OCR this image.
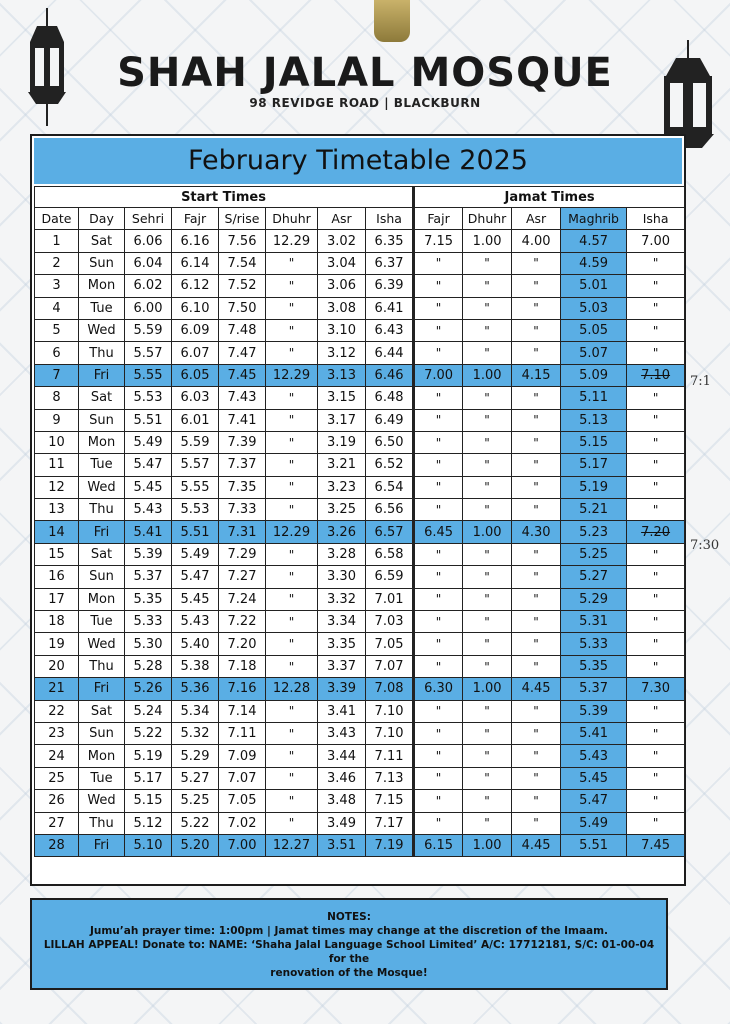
SHAH JALAL MOSQUE
98 REVIDGE ROAD | BLACKBURN
February Timetable 2025
Start Times								Jamat Times				
Date	Day	Sehri	Fajr	S/rise	Dhuhr	Asr	Isha	Fajr	Dhuhr	Asr	Maghrib	Isha
1	Sat	6.06	6.16	7.56	12.29	3.02	6.35	7.15	1.00	4.00	4.57	7.00
2	Sun	6.04	6.14	7.54	"	3.04	6.37	"	"	"	4.59	"
3	Mon	6.02	6.12	7.52	"	3.06	6.39	"	"	"	5.01	"
4	Tue	6.00	6.10	7.50	"	3.08	6.41	"	"	"	5.03	"
5	Wed	5.59	6.09	7.48	"	3.10	6.43	"	"	"	5.05	"
6	Thu	5.57	6.07	7.47	"	3.12	6.44	"	"	"	5.07	"
7	Fri	5.55	6.05	7.45	12.29	3.13	6.46	7.00	1.00	4.15	5.09	7.10
8	Sat	5.53	6.03	7.43	"	3.15	6.48	"	"	"	5.11	"
9	Sun	5.51	6.01	7.41	"	3.17	6.49	"	"	"	5.13	"
10	Mon	5.49	5.59	7.39	"	3.19	6.50	"	"	"	5.15	"
11	Tue	5.47	5.57	7.37	"	3.21	6.52	"	"	"	5.17	"
12	Wed	5.45	5.55	7.35	"	3.23	6.54	"	"	"	5.19	"
13	Thu	5.43	5.53	7.33	"	3.25	6.56	"	"	"	5.21	"
14	Fri	5.41	5.51	7.31	12.29	3.26	6.57	6.45	1.00	4.30	5.23	7.20
15	Sat	5.39	5.49	7.29	"	3.28	6.58	"	"	"	5.25	"
16	Sun	5.37	5.47	7.27	"	3.30	6.59	"	"	"	5.27	"
17	Mon	5.35	5.45	7.24	"	3.32	7.01	"	"	"	5.29	"
18	Tue	5.33	5.43	7.22	"	3.34	7.03	"	"	"	5.31	"
19	Wed	5.30	5.40	7.20	"	3.35	7.05	"	"	"	5.33	"
20	Thu	5.28	5.38	7.18	"	3.37	7.07	"	"	"	5.35	"
21	Fri	5.26	5.36	7.16	12.28	3.39	7.08	6.30	1.00	4.45	5.37	7.30
22	Sat	5.24	5.34	7.14	"	3.41	7.10	"	"	"	5.39	"
23	Sun	5.22	5.32	7.11	"	3.43	7.10	"	"	"	5.41	"
24	Mon	5.19	5.29	7.09	"	3.44	7.11	"	"	"	5.43	"
25	Tue	5.17	5.27	7.07	"	3.46	7.13	"	"	"	5.45	"
26	Wed	5.15	5.25	7.05	"	3.48	7.15	"	"	"	5.47	"
27	Thu	5.12	5.22	7.02	"	3.49	7.17	"	"	"	5.49	"
28	Fri	5.10	5.20	7.00	12.27	3.51	7.19	6.15	1.00	4.45	5.51	7.45
7:1
7:30
NOTES:
Jumu’ah prayer time: 1:00pm | Jamat times may change at the discretion of the Imaam.
LILLAH APPEAL! Donate to: NAME: ‘Shaha Jalal Language School Limited’ A/C: 17712181, S/C: 01-00-04 for the
renovation of the Mosque!
